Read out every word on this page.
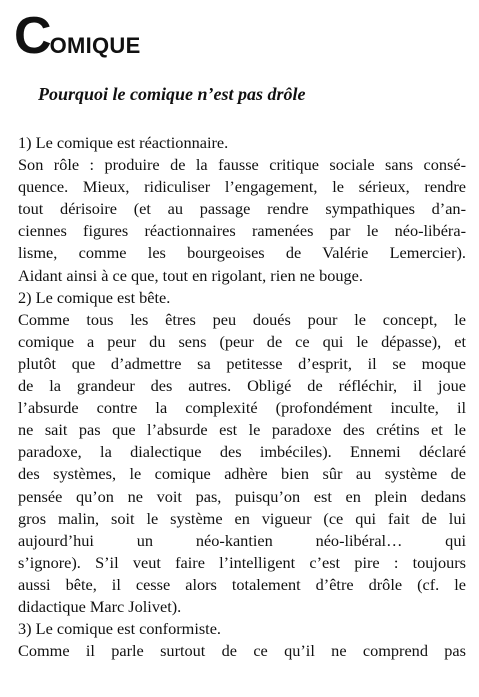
COMIQUE
Pourquoi le comique n’est pas drôle
1) Le comique est réactionnaire.
Son rôle : produire de la fausse critique sociale sans consé-
quence. Mieux, ridiculiser l’engagement, le sérieux, rendre
tout dérisoire (et au passage rendre sympathiques d’an-
ciennes figures réactionnaires ramenées par le néo-libéra-
lisme, comme les bourgeoises de Valérie Lemercier).
Aidant ainsi à ce que, tout en rigolant, rien ne bouge.
2) Le comique est bête.
Comme tous les êtres peu doués pour le concept, le
comique a peur du sens (peur de ce qui le dépasse), et
plutôt que d’admettre sa petitesse d’esprit, il se moque
de la grandeur des autres. Obligé de réfléchir, il joue
l’absurde contre la complexité (profondément inculte, il
ne sait pas que l’absurde est le paradoxe des crétins et le
paradoxe, la dialectique des imbéciles). Ennemi déclaré
des systèmes, le comique adhère bien sûr au système de
pensée qu’on ne voit pas, puisqu’on est en plein dedans
gros malin, soit le système en vigueur (ce qui fait de lui
aujourd’hui un néo-kantien néo-libéral… qui
s’ignore). S’il veut faire l’intelligent c’est pire : toujours
aussi bête, il cesse alors totalement d’être drôle (cf. le
didactique Marc Jolivet).
3) Le comique est conformiste.
Comme il parle surtout de ce qu’il ne comprend pas
